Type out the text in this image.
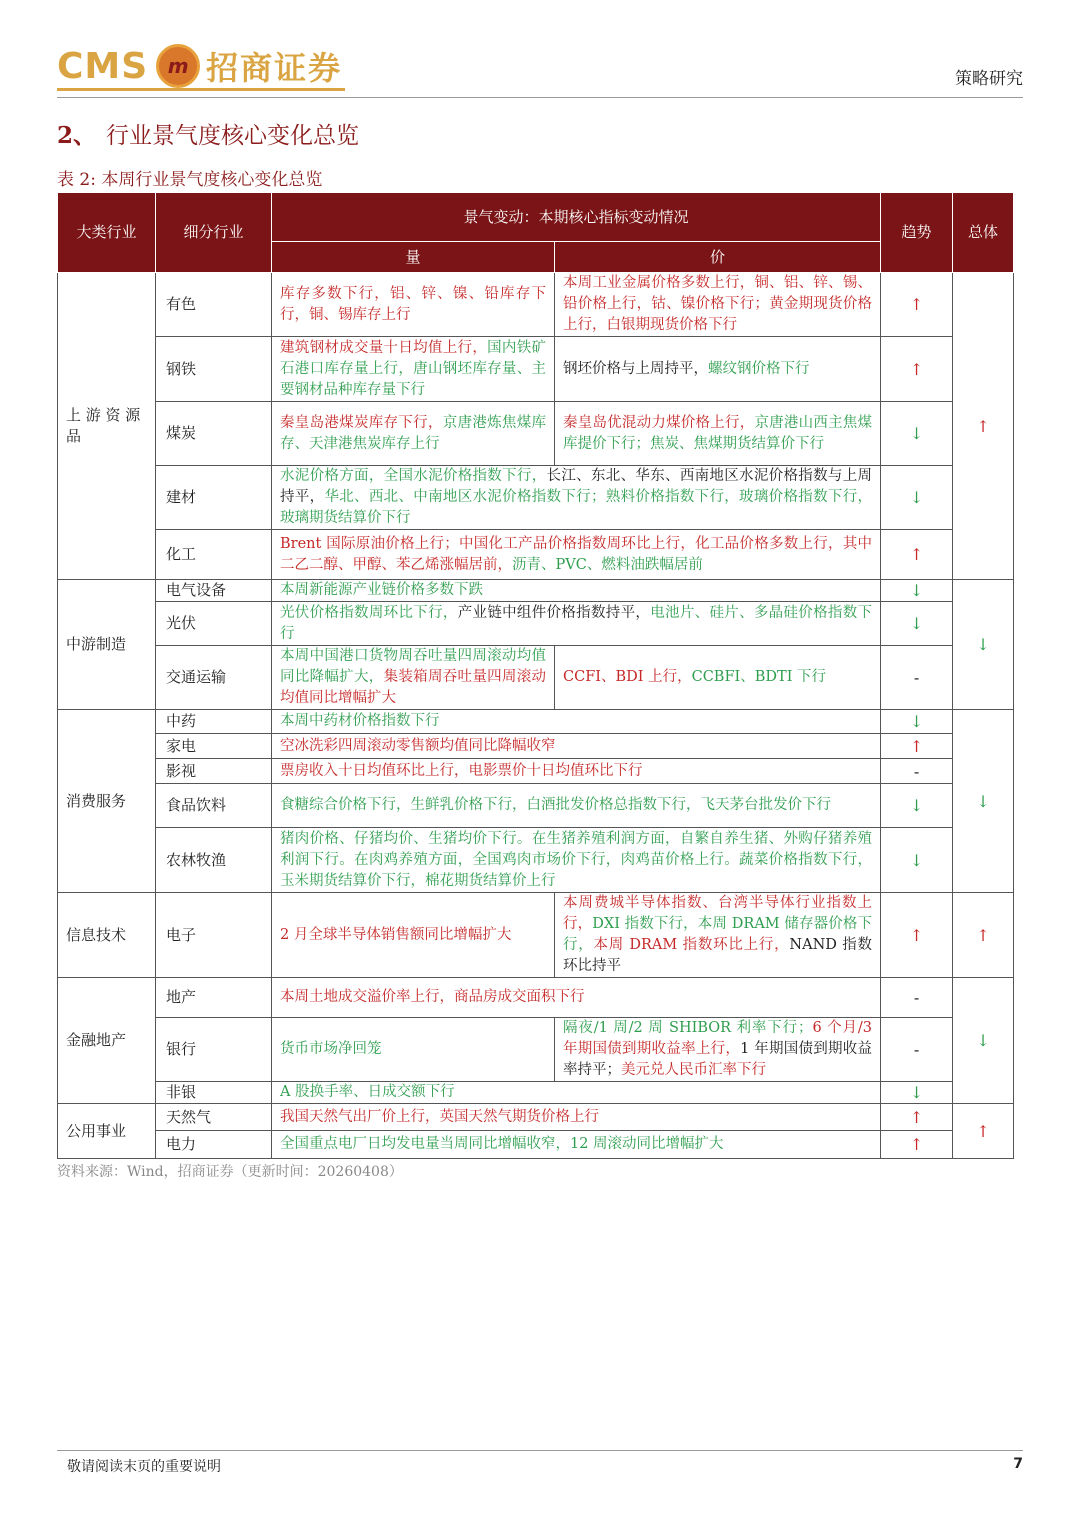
CMS m 招商证券	策略研究
2、 行业景气度核心变化总览
表 2: 本周行业景气度核心变化总览
大类行业	细分行业	景气变动：本期核心指标变动情况		趋势	总体
		量	价		
上 游 资 源 品	有色	库存多数下行，铝、锌、镍、铅库存下行，铜、锡库存上行	本周工业金属价格多数上行，铜、铝、锌、锡、铅价格上行，钴、镍价格下行；黄金期现货价格上行，白银期现货价格下行	↑	↑
	钢铁	建筑钢材成交量十日均值上行，国内铁矿石港口库存量上行，唐山钢坯库存量、主要钢材品种库存量下行	钢坯价格与上周持平，螺纹钢价格下行	↑	
	煤炭	秦皇岛港煤炭库存下行，京唐港炼焦煤库存、天津港焦炭库存上行	秦皇岛优混动力煤价格上行，京唐港山西主焦煤库提价下行；焦炭、焦煤期货结算价下行	↓	
	建材	水泥价格方面，全国水泥价格指数下行，长江、东北、华东、西南地区水泥价格指数与上周持平，华北、西北、中南地区水泥价格指数下行；熟料价格指数下行，玻璃价格指数下行，玻璃期货结算价下行		↓	
	化工	Brent 国际原油价格上行；中国化工产品价格指数周环比上行，化工品价格多数上行，其中二乙二醇、甲醇、苯乙烯涨幅居前，沥青、PVC、燃料油跌幅居前		↑	
中游制造	电气设备	本周新能源产业链价格多数下跌		↓	↓
	光伏	光伏价格指数周环比下行，产业链中组件价格指数持平，电池片、硅片、多晶硅价格指数下行		↓	
	交通运输	本周中国港口货物周吞吐量四周滚动均值同比降幅扩大，集装箱周吞吐量四周滚动均值同比增幅扩大	CCFI、BDI 上行，CCBFI、BDTI 下行	-	
消费服务	中药	本周中药材价格指数下行		↓	↓
	家电	空冰洗彩四周滚动零售额均值同比降幅收窄		↑	
	影视	票房收入十日均值环比上行，电影票价十日均值环比下行		-	
	食品饮料	食糖综合价格下行，生鲜乳价格下行，白酒批发价格总指数下行，飞天茅台批发价下行		↓	
	农林牧渔	猪肉价格、仔猪均价、生猪均价下行。在生猪养殖利润方面，自繁自养生猪、外购仔猪养殖利润下行。在肉鸡养殖方面，全国鸡肉市场价下行，肉鸡苗价格上行。蔬菜价格指数下行，玉米期货结算价下行，棉花期货结算价上行		↓	
信息技术	电子	2 月全球半导体销售额同比增幅扩大	本周费城半导体指数、台湾半导体行业指数上行，DXI 指数下行，本周 DRAM 储存器价格下行，本周 DRAM 指数环比上行，NAND 指数环比持平	↑	↑
金融地产	地产	本周土地成交溢价率上行，商品房成交面积下行		-	↓
	银行	货币市场净回笼	隔夜/1 周/2 周 SHIBOR 利率下行；6 个月/3 年期国债到期收益率上行，1 年期国债到期收益率持平；美元兑人民币汇率下行	-	
	非银	A 股换手率、日成交额下行		↓	
公用事业	天然气	我国天然气出厂价上行，英国天然气期货价格上行		↑	↑
	电力	全国重点电厂日均发电量当周同比增幅收窄，12 周滚动同比增幅扩大		↑	
资料来源：Wind，招商证券（更新时间：20260408）
敬请阅读末页的重要说明	7
